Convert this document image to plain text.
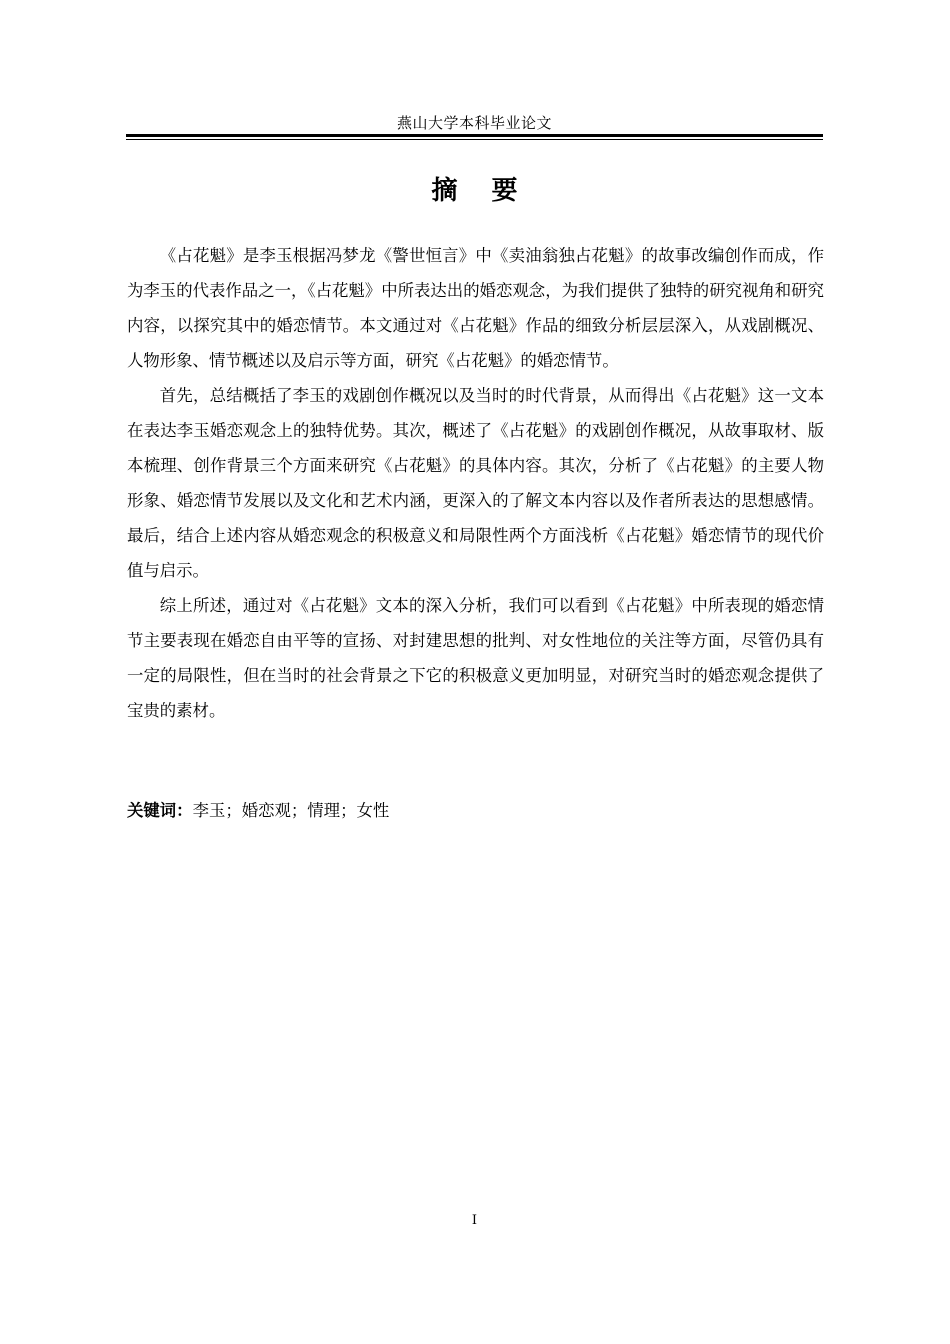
燕山大学本科毕业论文
摘要

《占花魁》是李玉根据冯梦龙《警世恒言》中《卖油翁独占花魁》的故事改编创作而成，作为李玉的代表作品之一，《占花魁》中所表达出的婚恋观念，为我们提供了独特的研究视角和研究内容，以探究其中的婚恋情节。本文通过对《占花魁》作品的细致分析层层深入，从戏剧概况、人物形象、情节概述以及启示等方面，研究《占花魁》的婚恋情节。

首先，总结概括了李玉的戏剧创作概况以及当时的时代背景，从而得出《占花魁》这一文本在表达李玉婚恋观念上的独特优势。其次，概述了《占花魁》的戏剧创作概况，从故事取材、版本梳理、创作背景三个方面来研究《占花魁》的具体内容。其次，分析了《占花魁》的主要人物形象、婚恋情节发展以及文化和艺术内涵，更深入的了解文本内容以及作者所表达的思想感情。最后，结合上述内容从婚恋观念的积极意义和局限性两个方面浅析《占花魁》婚恋情节的现代价值与启示。

综上所述，通过对《占花魁》文本的深入分析，我们可以看到《占花魁》中所表现的婚恋情节主要表现在婚恋自由平等的宣扬、对封建思想的批判、对女性地位的关注等方面，尽管仍具有一定的局限性，但在当时的社会背景之下它的积极意义更加明显，对研究当时的婚恋观念提供了宝贵的素材。

关键词：李玉；婚恋观；情理；女性
I
